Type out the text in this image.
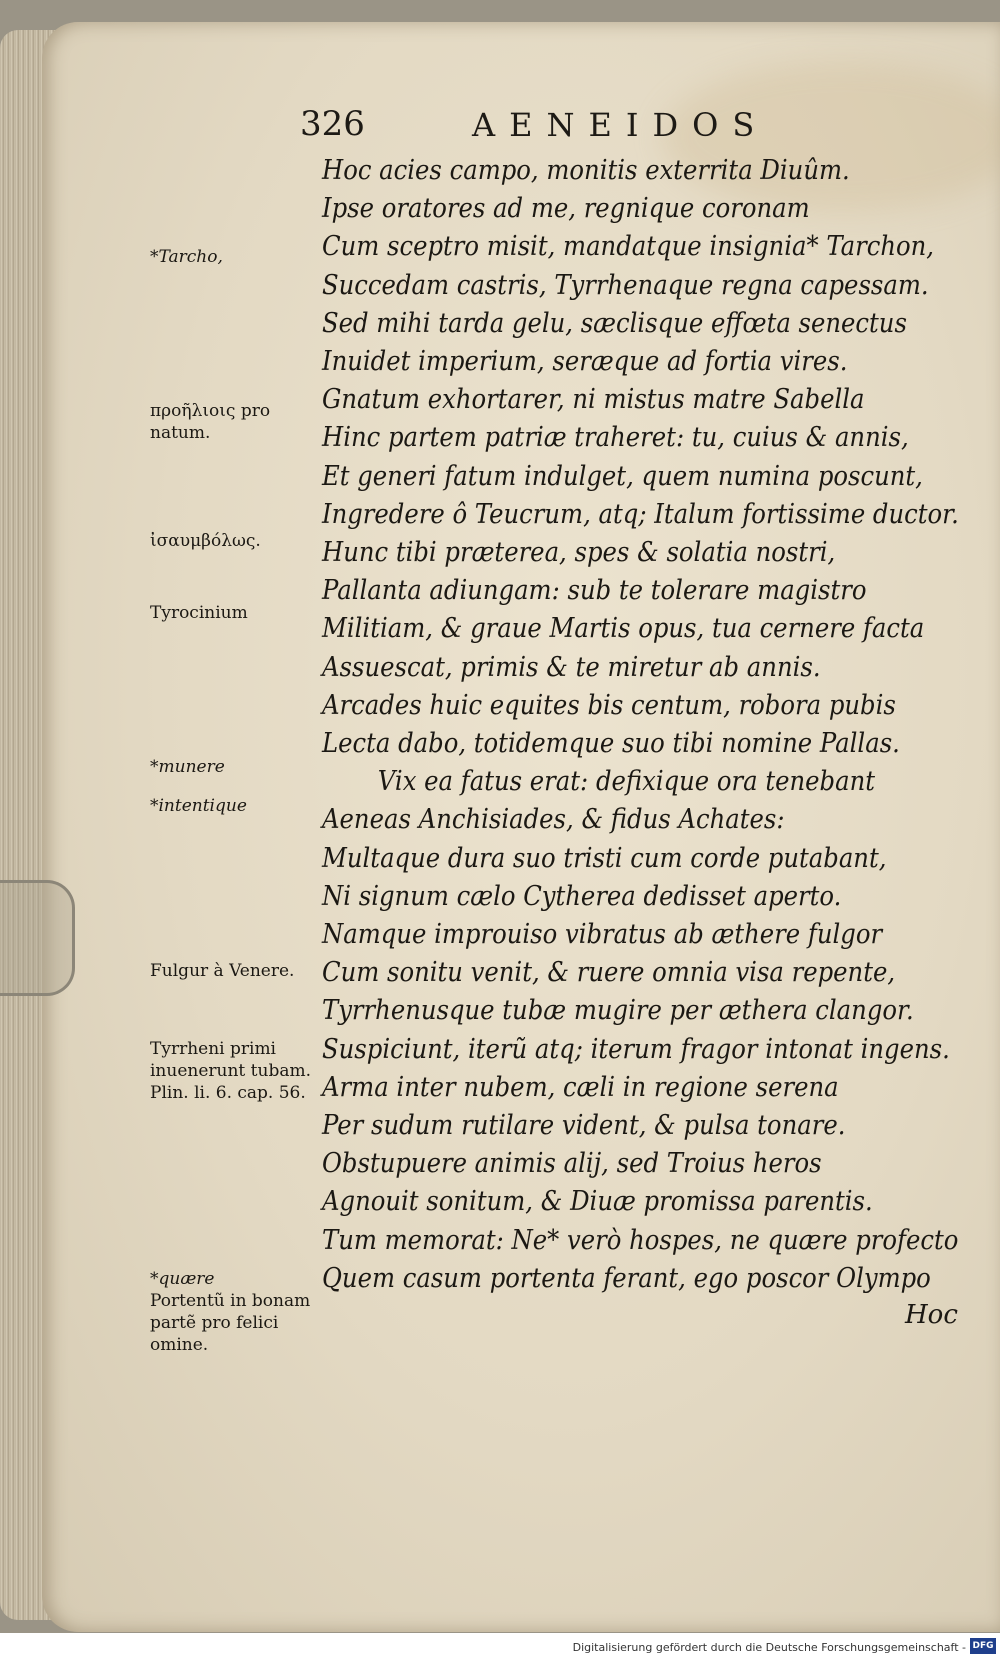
326	AENEIDOS
Hoc acies campo, monitis exterrita Diuûm.
Ipse oratores ad me, regnique coronam
Cum sceptro misit, mandatque insignia* Tarchon,
Succedam castris, Tyrrhenaque regna capessam.
Sed mihi tarda gelu, sæclisque effœta senectus
Inuidet imperium, seræque ad fortia vires.
Gnatum exhortarer, ni mistus matre Sabella
Hinc partem patriæ traheret: tu, cuius & annis,
Et generi fatum indulget, quem numina poscunt,
Ingredere ô Teucrum, atq; Italum fortissime ductor.
Hunc tibi præterea, spes & solatia nostri,
Pallanta adiungam: sub te tolerare magistro
Militiam, & graue Martis opus, tua cernere facta
Assuescat, primis & te miretur ab annis.
Arcades huic equites bis centum, robora pubis
Lecta dabo, totidemque suo tibi nomine Pallas.
Vix ea fatus erat: defixique ora tenebant
Aeneas Anchisiades, & fidus Achates:
Multaque dura suo tristi cum corde putabant,
Ni signum cælo Cytherea dedisset aperto.
Namque improuiso vibratus ab æthere fulgor
Cum sonitu venit, & ruere omnia visa repente,
Tyrrhenusque tubæ mugire per æthera clangor.
Suspiciunt, iterũ atq; iterum fragor intonat ingens.
Arma inter nubem, cæli in regione serena
Per sudum rutilare vident, & pulsa tonare.
Obstupuere animis alij, sed Troius heros
Agnouit sonitum, & Diuæ promissa parentis.
Tum memorat: Ne* verò hospes, ne quære profecto
Quem casum portenta ferant, ego poscor Olympo
*Tarcho,
προῆλιοις pro natum.
ἰσαυμβόλως.
Tyrocinium
*munere
*intentique
Fulgur à Venere.
Tyrrheni primi inuenerunt tubam. Plin. li. 6. cap. 56.
*quære
Portentũ in bonam partẽ pro felici omine.
Hoc
Digitalisierung gefördert durch die Deutsche Forschungsgemeinschaft - DFG
